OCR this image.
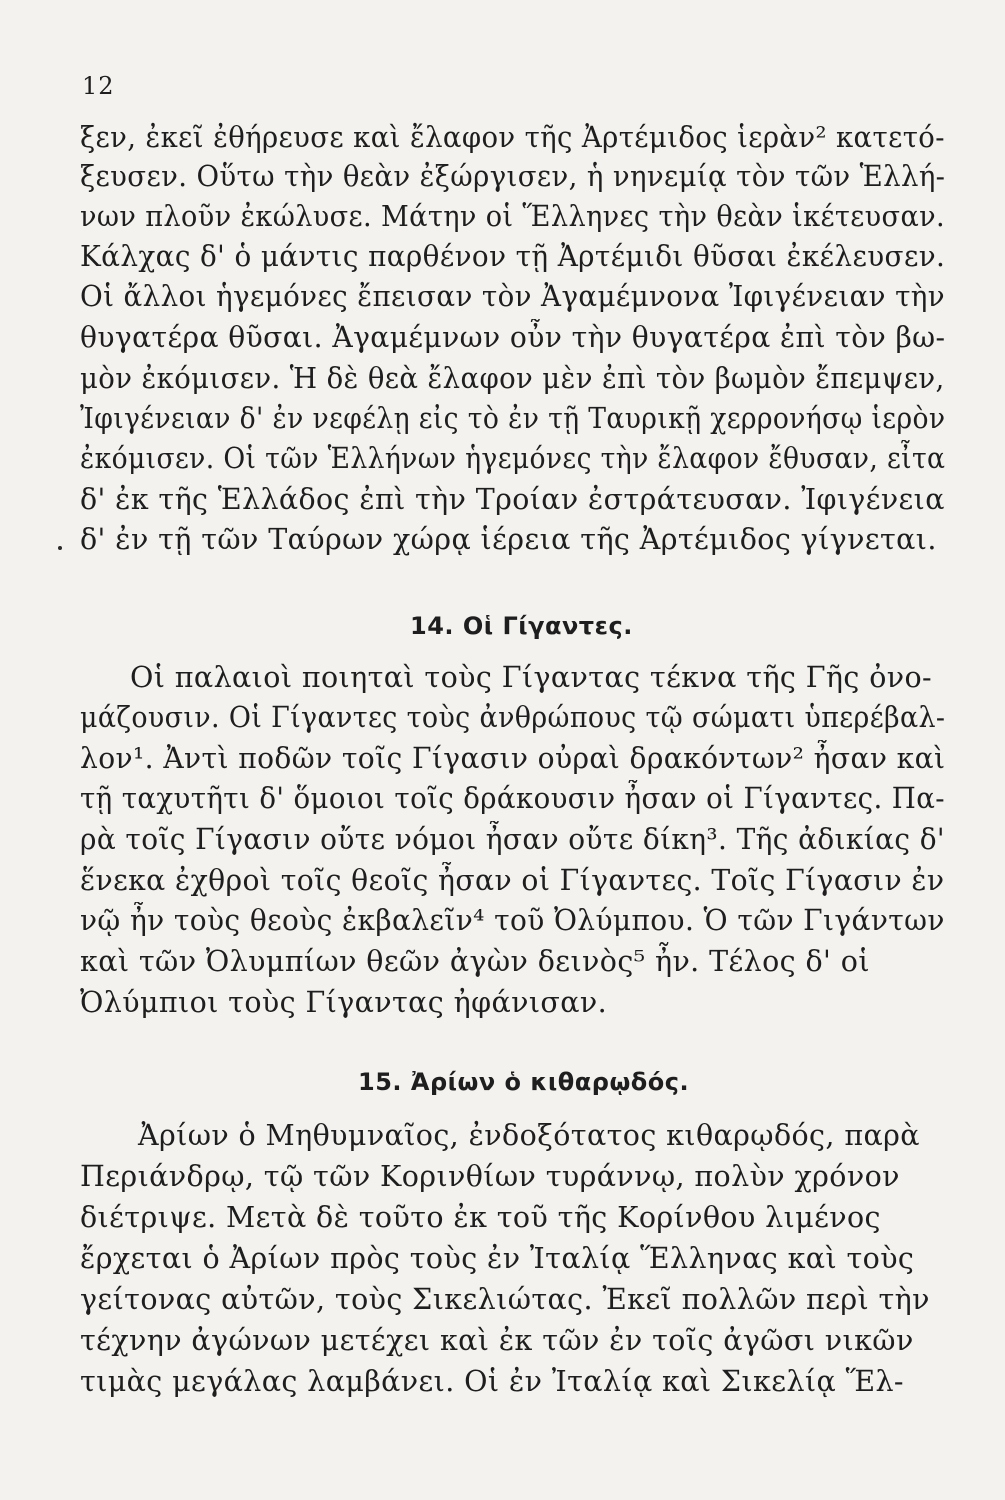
12
ξεν, ἐκεῖ ἐθήρευσε καὶ ἔλαφον τῆς Ἀρτέμιδος ἱερὰν² κατετό-
ξευσεν. Οὕτω τὴν θεὰν ἐξώργισεν, ἡ νηνεμίᾳ τὸν τῶν Ἑλλή-
νων πλοῦν ἐκώλυσε. Μάτην οἱ Ἕλληνες τὴν θεὰν ἱκέτευσαν.
Κάλχας δ' ὁ μάντις παρθένον τῇ Ἀρτέμιδι θῦσαι ἐκέλευσεν.
Οἱ ἄλλοι ἡγεμόνες ἔπεισαν τὸν Ἀγαμέμνονα Ἰφιγένειαν τὴν
θυγατέρα θῦσαι. Ἀγαμέμνων οὖν τὴν θυγατέρα ἐπὶ τὸν βω-
μὸν ἐκόμισεν. Ἡ δὲ θεὰ ἔλαφον μὲν ἐπὶ τὸν βωμὸν ἔπεμψεν,
Ἰφιγένειαν δ' ἐν νεφέλῃ εἰς τὸ ἐν τῇ Ταυρικῇ χερρονήσῳ ἱερὸν
ἐκόμισεν. Οἱ τῶν Ἑλλήνων ἡγεμόνες τὴν ἔλαφον ἔθυσαν, εἶτα
δ' ἐκ τῆς Ἑλλάδος ἐπὶ τὴν Τροίαν ἐστράτευσαν. Ἰφιγένεια
δ' ἐν τῇ τῶν Ταύρων χώρᾳ ἱέρεια τῆς Ἀρτέμιδος γίγνεται.
14. Οἱ Γίγαντες.
Οἱ παλαιοὶ ποιηταὶ τοὺς Γίγαντας τέκνα τῆς Γῆς ὀνο-
μάζουσιν. Οἱ Γίγαντες τοὺς ἀνθρώπους τῷ σώματι ὑπερέβαλ-
λον¹. Ἀντὶ ποδῶν τοῖς Γίγασιν οὐραὶ δρακόντων² ἦσαν καὶ
τῇ ταχυτῆτι δ' ὅμοιοι τοῖς δράκουσιν ἦσαν οἱ Γίγαντες. Πα-
ρὰ τοῖς Γίγασιν οὔτε νόμοι ἦσαν οὔτε δίκη³. Τῆς ἀδικίας δ'
ἕνεκα ἐχθροὶ τοῖς θεοῖς ἦσαν οἱ Γίγαντες. Τοῖς Γίγασιν ἐν
νῷ ἦν τοὺς θεοὺς ἐκβαλεῖν⁴ τοῦ Ὀλύμπου. Ὁ τῶν Γιγάντων
καὶ τῶν Ὀλυμπίων θεῶν ἀγὼν δεινὸς⁵ ἦν. Τέλος δ' οἱ
Ὀλύμπιοι τοὺς Γίγαντας ἠφάνισαν.
15. Ἀρίων ὁ κιθαρῳδός.
Ἀρίων ὁ Μηθυμναῖος, ἐνδοξότατος κιθαρῳδός, παρὰ
Περιάνδρῳ, τῷ τῶν Κορινθίων τυράννῳ, πολὺν χρόνον
διέτριψε. Μετὰ δὲ τοῦτο ἐκ τοῦ τῆς Κορίνθου λιμένος
ἔρχεται ὁ Ἀρίων πρὸς τοὺς ἐν Ἰταλίᾳ Ἕλληνας καὶ τοὺς
γείτονας αὐτῶν, τοὺς Σικελιώτας. Ἐκεῖ πολλῶν περὶ τὴν
τέχνην ἀγώνων μετέχει καὶ ἐκ τῶν ἐν τοῖς ἀγῶσι νικῶν
τιμὰς μεγάλας λαμβάνει. Οἱ ἐν Ἰταλίᾳ καὶ Σικελίᾳ Ἕλ-
